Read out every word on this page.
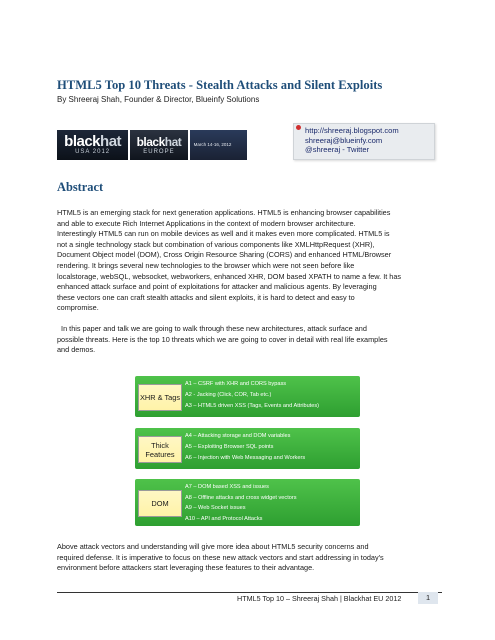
HTML5 Top 10 Threats - Stealth Attacks and Silent Exploits
By Shreeraj Shah, Founder & Director, Blueinfy Solutions
blackhat
USA 2012
blackhat
EUROPE
March 14-16, 2012
http://shreeraj.blogspot.com
shreeraj@blueinfy.com
@shreeraj - Twitter
Abstract
HTML5 is an emerging stack for next generation applications. HTML5 is enhancing browser capabilities
and able to execute Rich Internet Applications in the context of modern browser architecture.
Interestingly HTML5 can run on mobile devices as well and it makes even more complicated. HTML5 is
not a single technology stack but combination of various components like XMLHttpRequest (XHR),
Document Object model (DOM), Cross Origin Resource Sharing (CORS) and enhanced HTML/Browser
rendering. It brings several new technologies to the browser which were not seen before like
localstorage, webSQL, websocket, webworkers, enhanced XHR, DOM based XPATH to name a few. It has
enhanced attack surface and point of exploitations for attacker and malicious agents. By leveraging
these vectors one can craft stealth attacks and silent exploits, it is hard to detect and easy to
compromise.
In this paper and talk we are going to walk through these new architectures, attack surface and
possible threats. Here is the top 10 threats which we are going to cover in detail with real life examples
and demos.
XHR & Tags
A1 – CSRF with XHR and CORS bypass
A2 - Jacking (Click, COR, Tab etc.)
A3 – HTML5 driven XSS (Tags, Events and Attributes)
Thick Features
A4 – Attacking storage and DOM variables
A5 – Exploiting Browser SQL points
A6 – Injection with Web Messaging and Workers
DOM
A7 – DOM based XSS and issues
A8 – Offline attacks and cross widget vectors
A9 – Web Socket issues
A10 – API and Protocol Attacks
Above attack vectors and understanding will give more idea about HTML5 security concerns and
required defense. It is imperative to focus on these new attack vectors and start addressing in today's
environment before attackers start leveraging these features to their advantage.
HTML5 Top 10 – Shreeraj Shah | Blackhat EU 2012	1
